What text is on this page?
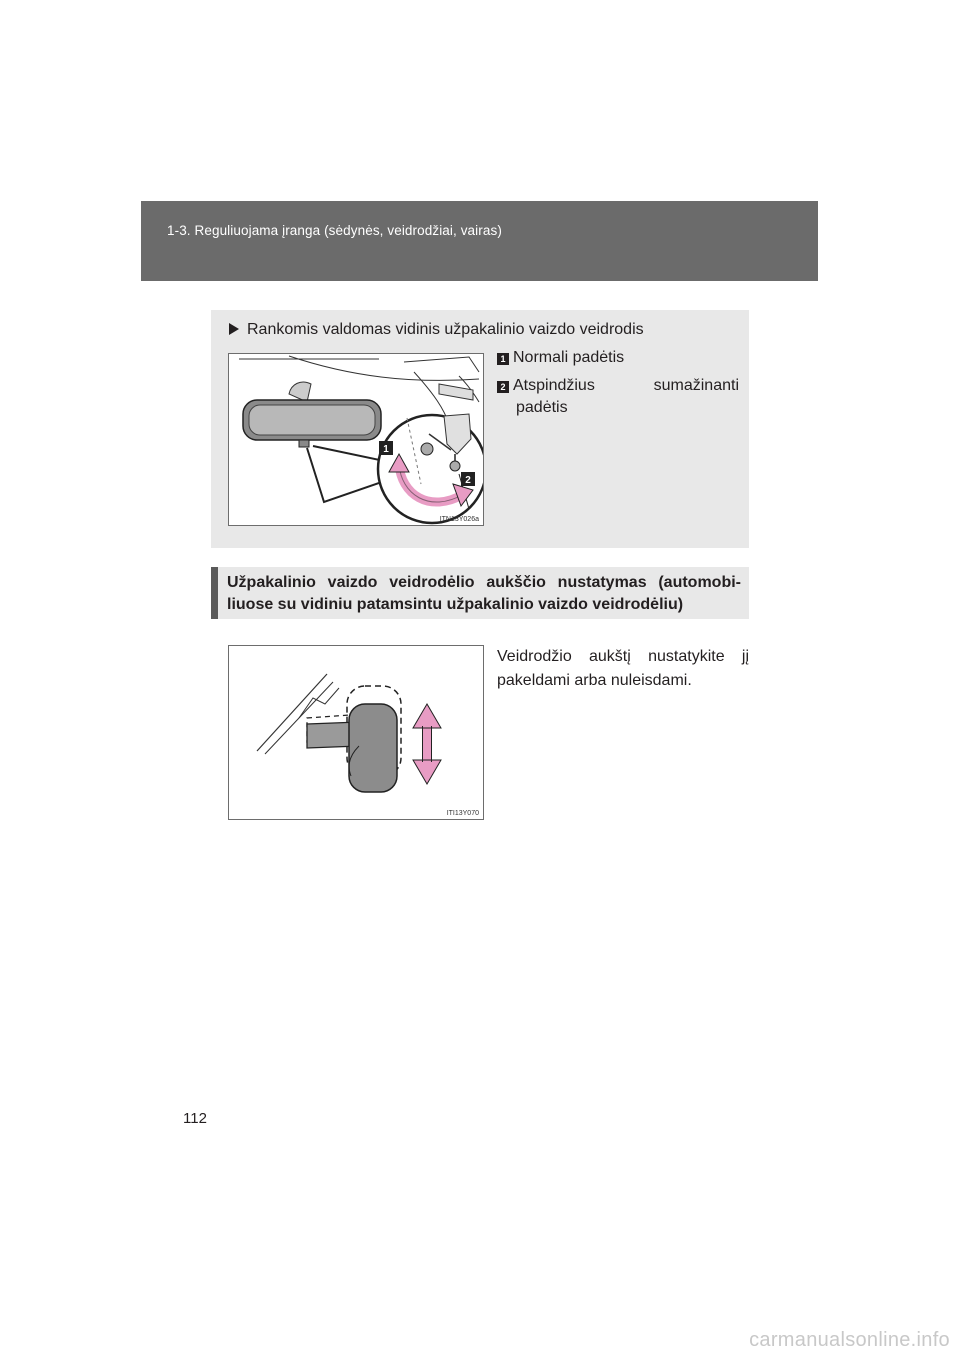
1-3. Reguliuojama įranga (sėdynės, veidrodžiai, vairas)
Rankomis valdomas vidinis užpakalinio vaizdo veidrodis
1
2
ITN13Y026a
1 Normali padėtis
2 Atspindžius	sumažinanti
padėtis
Užpakalinio vaizdo veidrodėlio aukščio nustatymas (automobi-
liuose su vidiniu patamsintu užpakalinio vaizdo veidrodėliu)
ITI13Y070
Veidrodžio aukštį nustatykite jį
pakeldami arba nuleisdami.
112
carmanualsonline.info
